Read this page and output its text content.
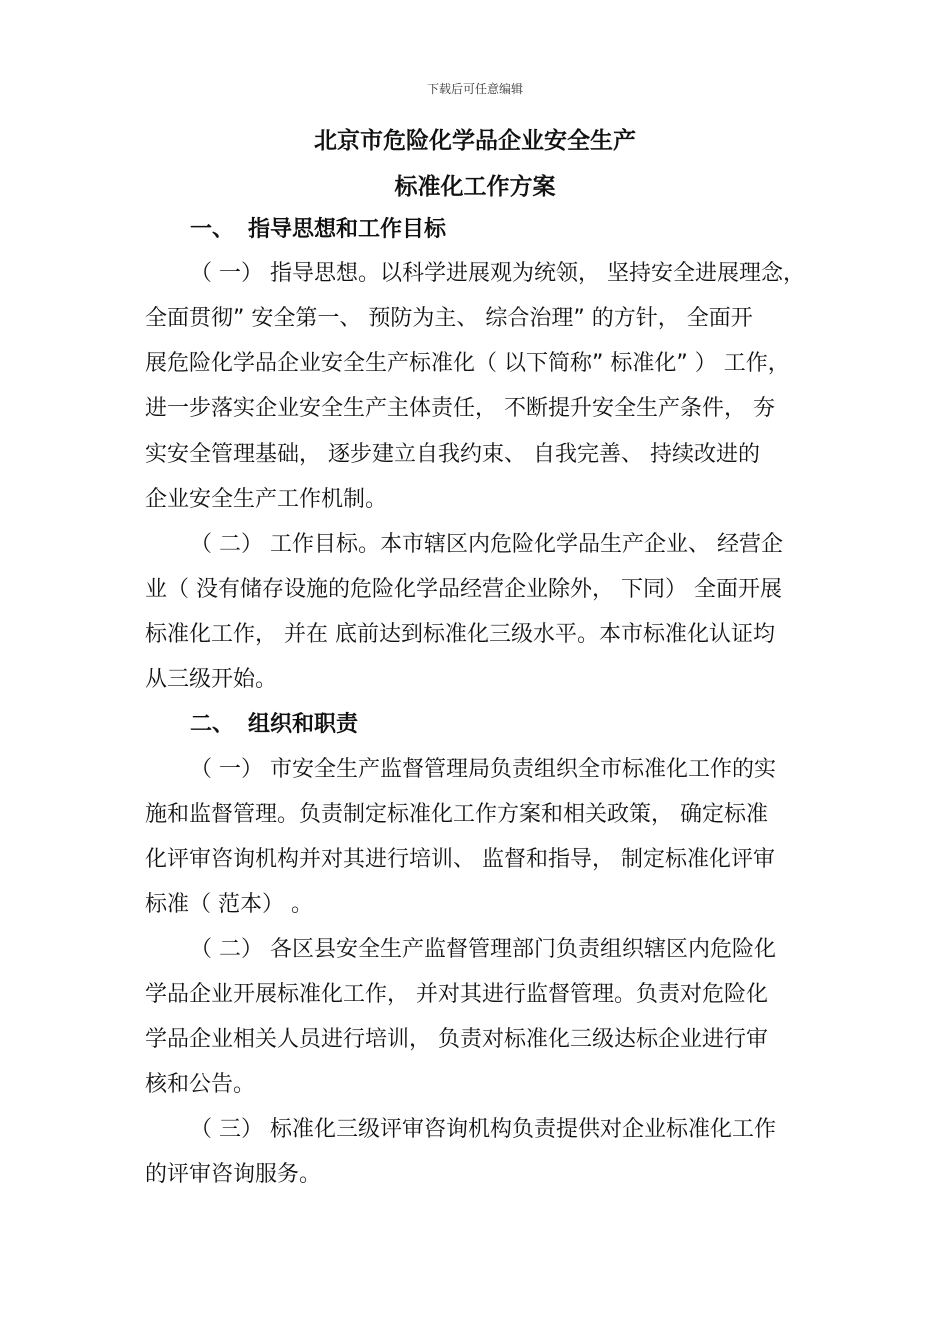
下载后可任意编辑
北京市危险化学品企业安全生产
标准化工作方案
一、 指导思想和工作目标
（ 一） 指导思想。以科学进展观为统领， 坚持安全进展理念，
全面贯彻” 安全第一、 预防为主、 综合治理” 的方针， 全面开
展危险化学品企业安全生产标准化（ 以下简称” 标准化” ） 工作，
进一步落实企业安全生产主体责任， 不断提升安全生产条件， 夯
实安全管理基础， 逐步建立自我约束、 自我完善、 持续改进的
企业安全生产工作机制。
（ 二） 工作目标。本市辖区内危险化学品生产企业、 经营企
业（ 没有储存设施的危险化学品经营企业除外， 下同） 全面开展
标准化工作， 并在 底前达到标准化三级水平。本市标准化认证均
从三级开始。
二、 组织和职责
（ 一） 市安全生产监督管理局负责组织全市标准化工作的实
施和监督管理。负责制定标准化工作方案和相关政策， 确定标准
化评审咨询机构并对其进行培训、 监督和指导， 制定标准化评审
标准（ 范本） 。
（ 二） 各区县安全生产监督管理部门负责组织辖区内危险化
学品企业开展标准化工作， 并对其进行监督管理。负责对危险化
学品企业相关人员进行培训， 负责对标准化三级达标企业进行审
核和公告。
（ 三） 标准化三级评审咨询机构负责提供对企业标准化工作
的评审咨询服务。
